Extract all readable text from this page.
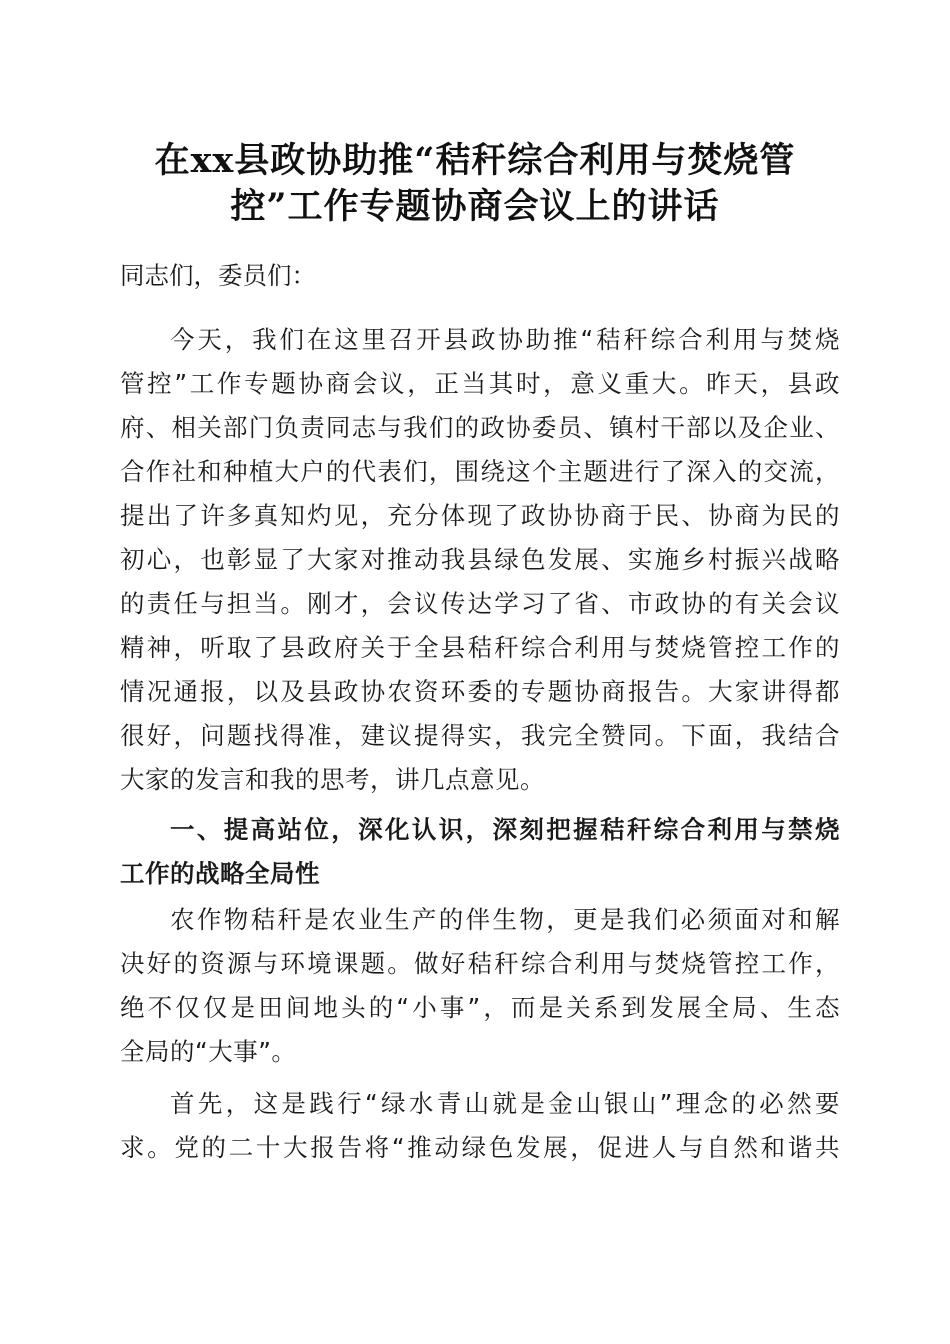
在xx县政协助推“秸秆综合利用与焚烧管
控”工作专题协商会议上的讲话
同志们，委员们：
今天，我们在这里召开县政协助推“秸秆综合利用与焚烧
管控”工作专题协商会议，正当其时，意义重大。昨天，县政
府、相关部门负责同志与我们的政协委员、镇村干部以及企业、
合作社和种植大户的代表们，围绕这个主题进行了深入的交流，
提出了许多真知灼见，充分体现了政协协商于民、协商为民的
初心，也彰显了大家对推动我县绿色发展、实施乡村振兴战略
的责任与担当。刚才，会议传达学习了省、市政协的有关会议
精神，听取了县政府关于全县秸秆综合利用与焚烧管控工作的
情况通报，以及县政协农资环委的专题协商报告。大家讲得都
很好，问题找得准，建议提得实，我完全赞同。下面，我结合
大家的发言和我的思考，讲几点意见。
一、提高站位，深化认识，深刻把握秸秆综合利用与禁烧
工作的战略全局性
农作物秸秆是农业生产的伴生物，更是我们必须面对和解
决好的资源与环境课题。做好秸秆综合利用与焚烧管控工作，
绝不仅仅是田间地头的“小事”，而是关系到发展全局、生态
全局的“大事”。
首先，这是践行“绿水青山就是金山银山”理念的必然要
求。党的二十大报告将“推动绿色发展，促进人与自然和谐共
